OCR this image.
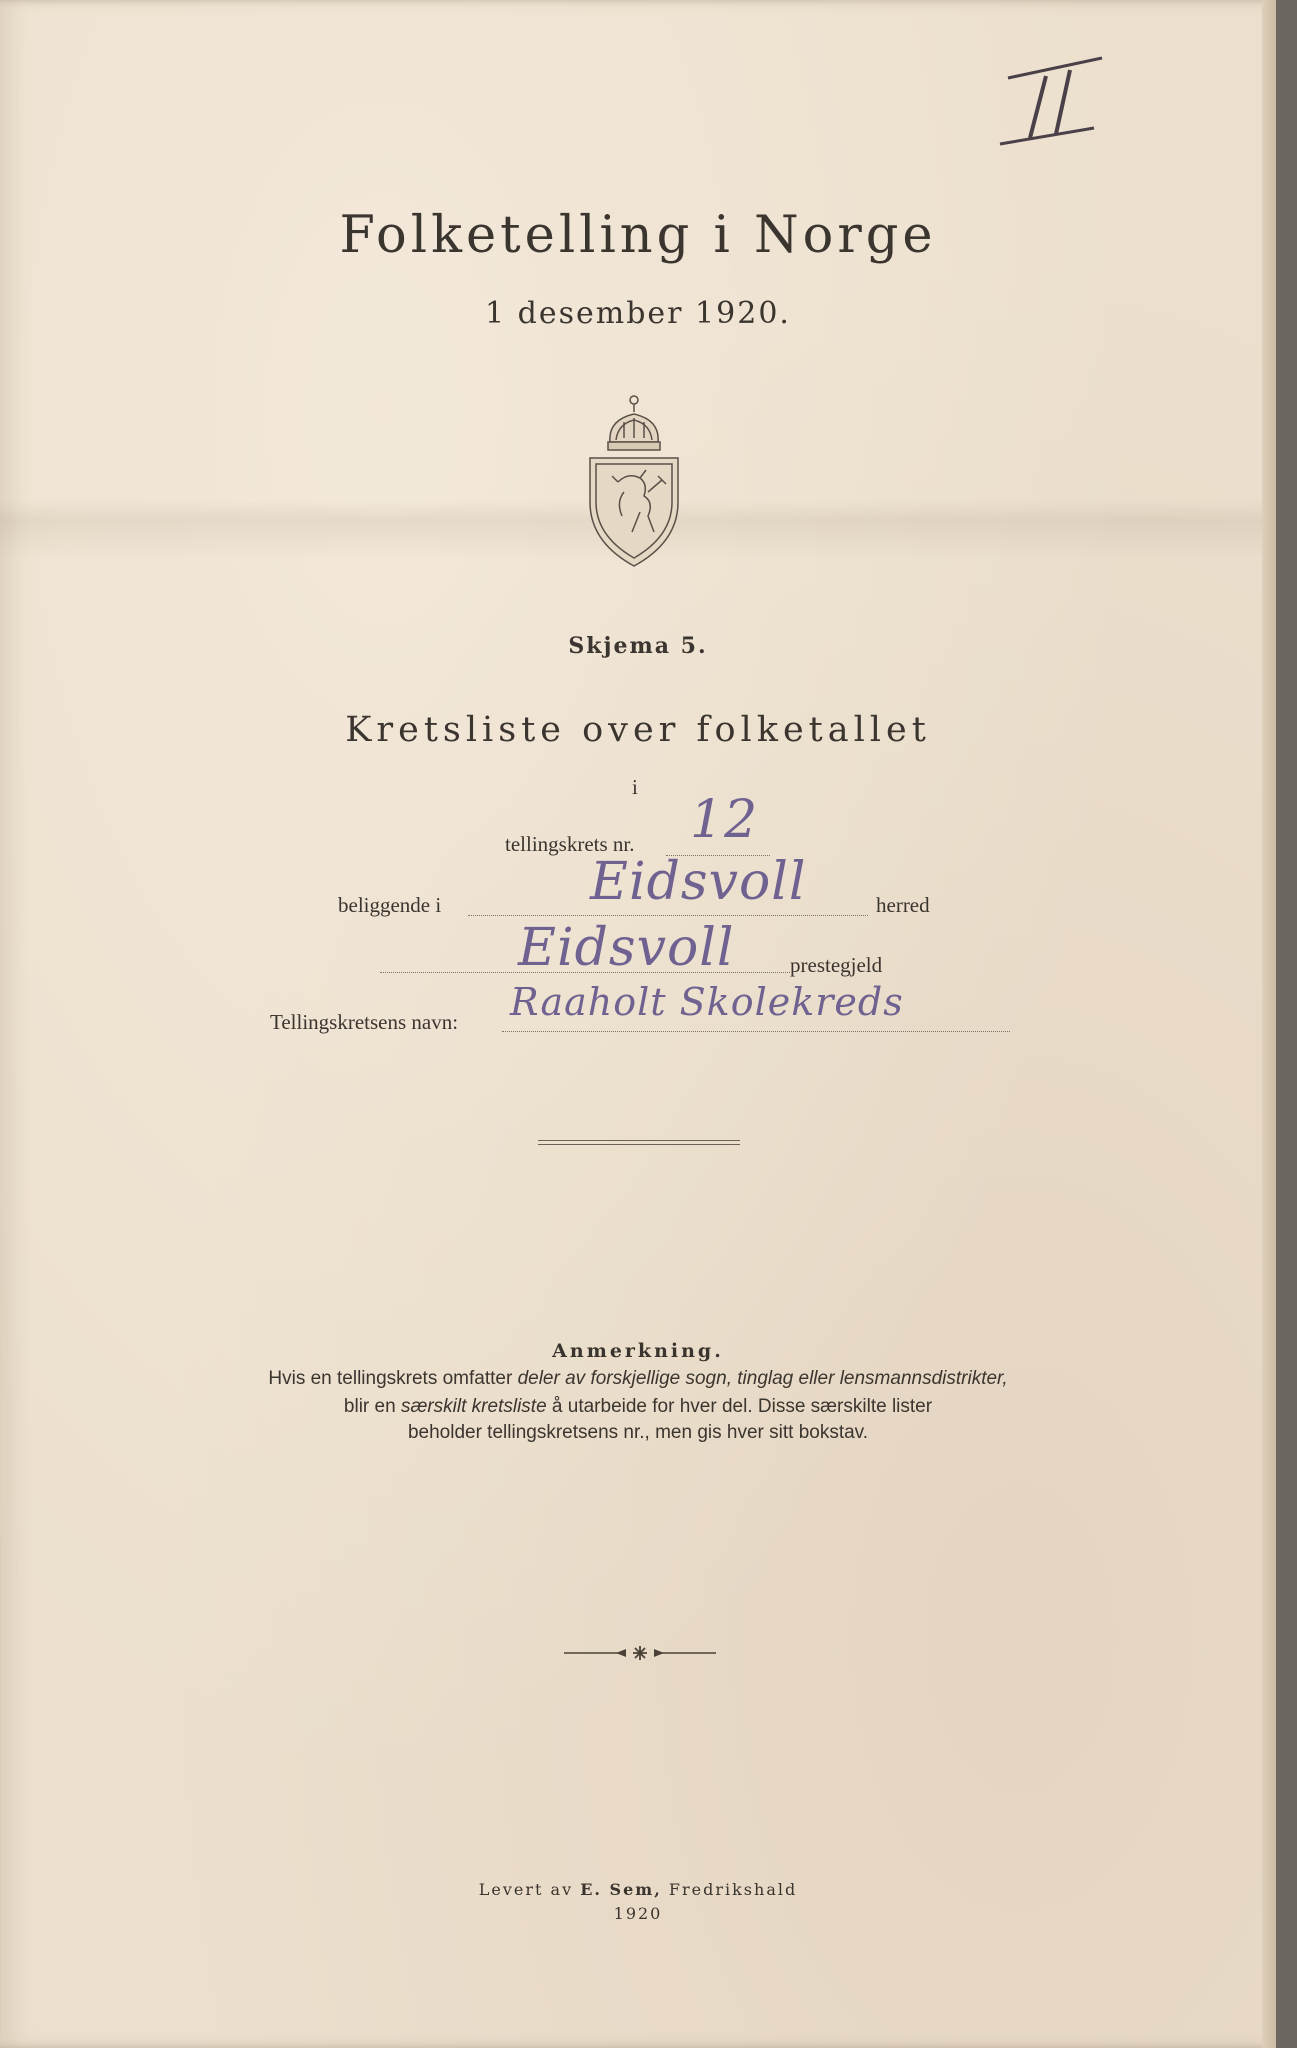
Folketelling i Norge
1 desember 1920.
Skjema 5.
Kretsliste over folketallet
i
tellingskrets nr. 12
beliggende i	Eidsvoll	herred
Eidsvoll	prestegjeld
Tellingskretsens navn: Raaholt Skolekreds
Anmerkning.
Hvis en tellingskrets omfatter deler av forskjellige sogn, tinglag eller lensmannsdistrikter,
blir en særskilt kretsliste å utarbeide for hver del. Disse særskilte lister
beholder tellingskretsens nr., men gis hver sitt bokstav.
Levert av E. Sem, Fredrikshald
1920
